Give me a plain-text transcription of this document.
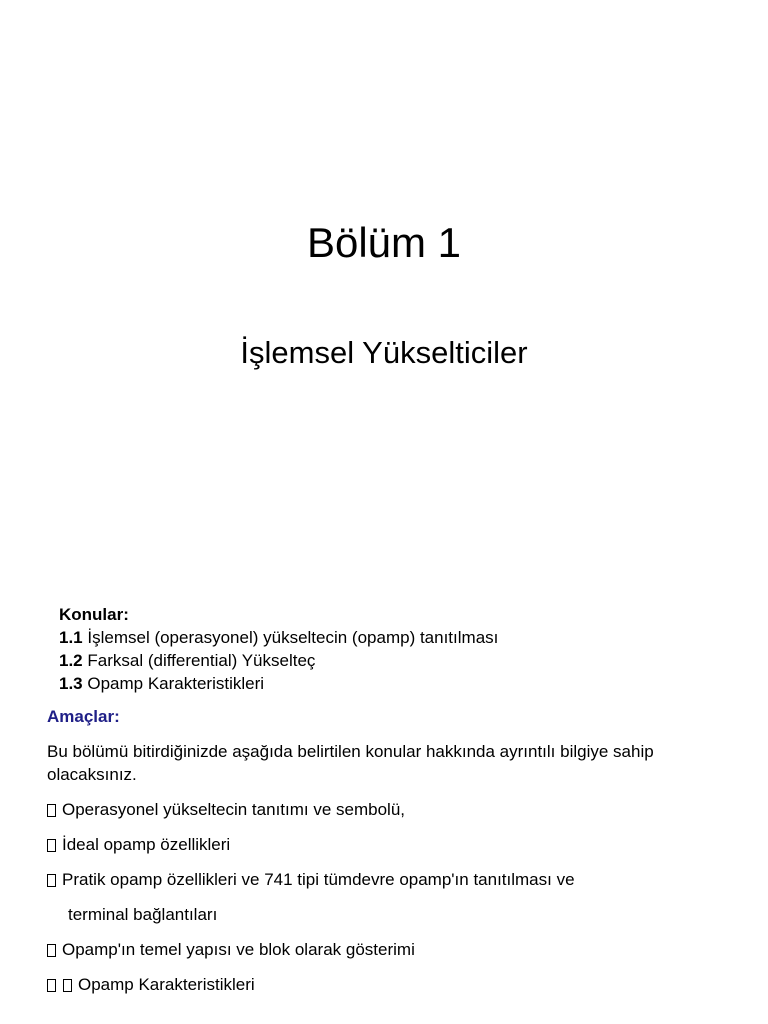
Bölüm 1
İşlemsel Yükselticiler
Konular:
1.1 İşlemsel (operasyonel) yükseltecin (opamp) tanıtılması
1.2 Farksal (differential) Yükselteç
1.3 Opamp Karakteristikleri
Amaçlar:
Bu bölümü bitirdiğinizde aşağıda belirtilen konular hakkında ayrıntılı bilgiye sahip olacaksınız.
Operasyonel yükseltecin tanıtımı ve sembolü,
İdeal opamp özellikleri
Pratik opamp özellikleri ve 741 tipi tümdevre opamp'ın tanıtılması ve
terminal bağlantıları
Opamp'ın temel yapısı ve blok olarak gösterimi
Opamp Karakteristikleri
